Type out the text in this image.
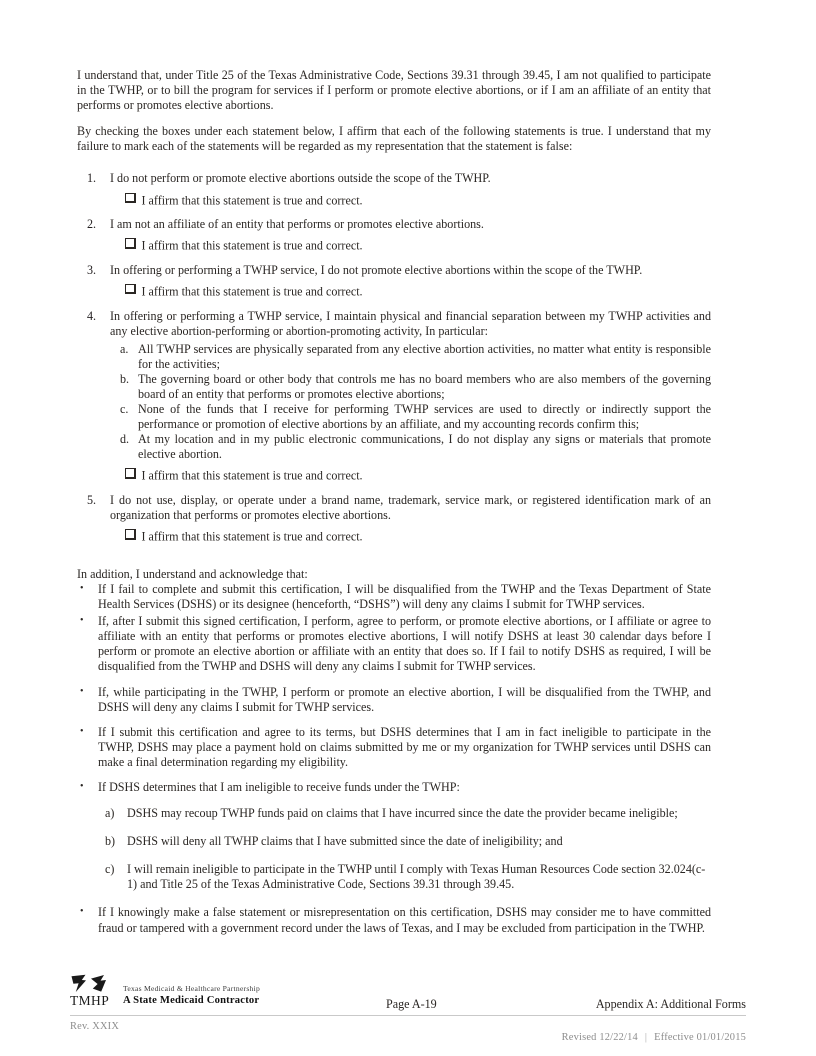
I understand that, under Title 25 of the Texas Administrative Code, Sections 39.31 through 39.45, I am not qualified to participate in the TWHP, or to bill the program for services if I perform or promote elective abortions, or if I am an affiliate of an entity that performs or promotes elective abortions.

By checking the boxes under each statement below, I affirm that each of the following statements is true. I understand that my failure to mark each of the statements will be regarded as my representation that the statement is false:

1.	I do not perform or promote elective abortions outside the scope of the TWHP.
I affirm that this statement is true and correct.
2.	I am not an affiliate of an entity that performs or promotes elective abortions.
I affirm that this statement is true and correct.
3.	In offering or performing a TWHP service, I do not promote elective abortions within the scope of the TWHP.
I affirm that this statement is true and correct.
4.	In offering or performing a TWHP service, I maintain physical and financial separation between my TWHP activities and any elective abortion-performing or abortion-promoting activity, In particular:
a. All TWHP services are physically separated from any elective abortion activities, no matter what entity is responsible for the activities;
b. The governing board or other body that controls me has no board members who are also members of the governing board of an entity that performs or promotes elective abortions;
c. None of the funds that I receive for performing TWHP services are used to directly or indirectly support the performance or promotion of elective abortions by an affiliate, and my accounting records confirm this;
d. At my location and in my public electronic communications, I do not display any signs or materials that promote elective abortion.
I affirm that this statement is true and correct.
5.	I do not use, display, or operate under a brand name, trademark, service mark, or registered identification mark of an organization that performs or promotes elective abortions.
I affirm that this statement is true and correct.

In addition, I understand and acknowledge that:

• If I fail to complete and submit this certification, I will be disqualified from the TWHP and the Texas Department of State Health Services (DSHS) or its designee (henceforth, “DSHS”) will deny any claims I submit for TWHP services.
• If, after I submit this signed certification, I perform, agree to perform, or promote elective abortions, or I affiliate or agree to affiliate with an entity that performs or promotes elective abortions, I will notify DSHS at least 30 calendar days before I perform or promote an elective abortion or affiliate with an entity that does so. If I fail to notify DSHS as required, I will be disqualified from the TWHP and DSHS will deny any claims I submit for TWHP services.
• If, while participating in the TWHP, I perform or promote an elective abortion, I will be disqualified from the TWHP, and DSHS will deny any claims I submit for TWHP services.
• If I submit this certification and agree to its terms, but DSHS determines that I am in fact ineligible to participate in the TWHP, DSHS may place a payment hold on claims submitted by me or my organization for TWHP services until DSHS can make a final determination regarding my eligibility.
• If DSHS determines that I am ineligible to receive funds under the TWHP:
a)	DSHS may recoup TWHP funds paid on claims that I have incurred since the date the provider became ineligible;
b) DSHS will deny all TWHP claims that I have submitted since the date of ineligibility; and
c)	I will remain ineligible to participate in the TWHP until I comply with Texas Human Resources Code section 32.024(c-1) and Title 25 of the Texas Administrative Code, Sections 39.31 through 39.45.
• If I knowingly make a false statement or misrepresentation on this certification, DSHS may consider me to have committed fraud or tampered with a government record under the laws of Texas, and I may be excluded from participation in the TWHP.
TMHP
Texas Medicaid & Healthcare Partnership
A State Medicaid Contractor	Page A-19	Appendix A: Additional Forms
Rev. XXIX

Revised 12/22/14 | Effective 01/01/2015
